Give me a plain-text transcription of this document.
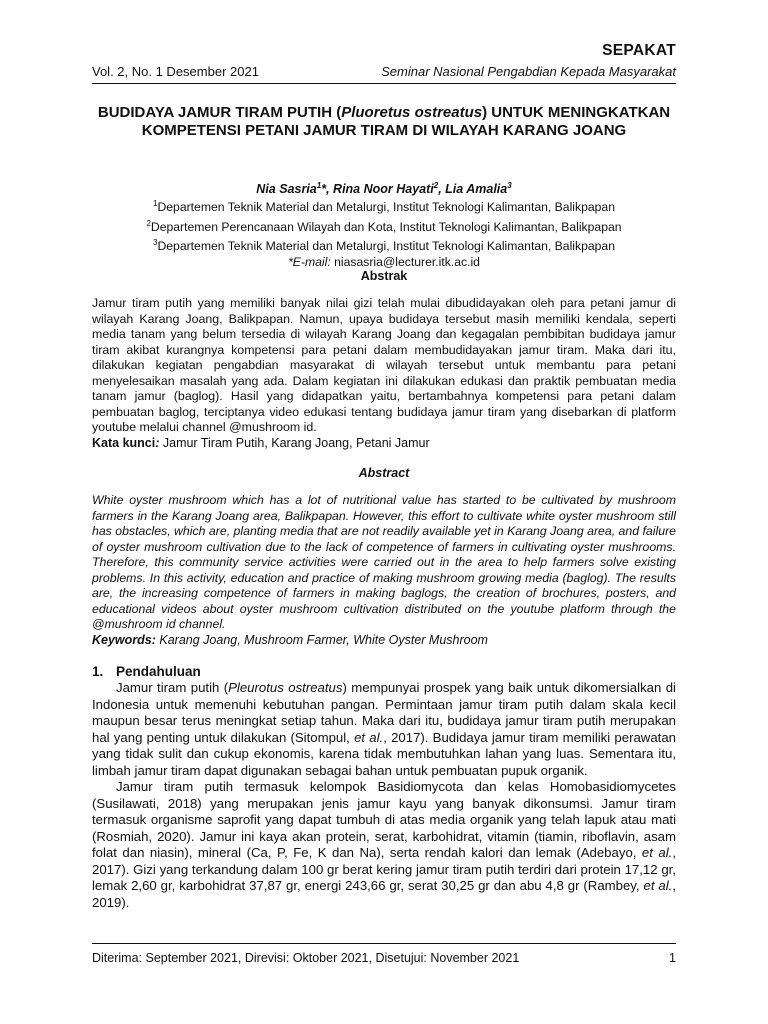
SEPAKAT
Vol. 2, No. 1 Desember 2021	Seminar Nasional Pengabdian Kepada Masyarakat
BUDIDAYA JAMUR TIRAM PUTIH (Pluoretus ostreatus) UNTUK MENINGKATKAN KOMPETENSI PETANI JAMUR TIRAM DI WILAYAH KARANG JOANG
Nia Sasria$^1$*, Rina Noor Hayati$^2$, Lia Amalia$^3$
$^1$Departemen Teknik Material dan Metalurgi, Institut Teknologi Kalimantan, Balikpapan
$^2$Departemen Perencanaan Wilayah dan Kota, Institut Teknologi Kalimantan, Balikpapan
$^3$Departemen Teknik Material dan Metalurgi, Institut Teknologi Kalimantan, Balikpapan
*E-mail: niasasria@lecturer.itk.ac.id
Abstrak
Jamur tiram putih yang memiliki banyak nilai gizi telah mulai dibudidayakan oleh para petani jamur di wilayah Karang Joang, Balikpapan. Namun, upaya budidaya tersebut masih memiliki kendala, seperti media tanam yang belum tersedia di wilayah Karang Joang dan kegagalan pembibitan budidaya jamur tiram akibat kurangnya kompetensi para petani dalam membudidayakan jamur tiram. Maka dari itu, dilakukan kegiatan pengabdian masyarakat di wilayah tersebut untuk membantu para petani menyelesaikan masalah yang ada. Dalam kegiatan ini dilakukan edukasi dan praktik pembuatan media tanam jamur (baglog). Hasil yang didapatkan yaitu, bertambahnya kompetensi para petani dalam pembuatan baglog, terciptanya video edukasi tentang budidaya jamur tiram yang disebarkan di platform youtube melalui channel @mushroom id.
Kata kunci: Jamur Tiram Putih, Karang Joang, Petani Jamur
Abstract
White oyster mushroom which has a lot of nutritional value has started to be cultivated by mushroom farmers in the Karang Joang area, Balikpapan. However, this effort to cultivate white oyster mushroom still has obstacles, which are, planting media that are not readily available yet in Karang Joang area, and failure of oyster mushroom cultivation due to the lack of competence of farmers in cultivating oyster mushrooms. Therefore, this community service activities were carried out in the area to help farmers solve existing problems. In this activity, education and practice of making mushroom growing media (baglog). The results are, the increasing competence of farmers in making baglogs, the creation of brochures, posters, and educational videos about oyster mushroom cultivation distributed on the youtube platform through the @mushroom id channel.
Keywords: Karang Joang, Mushroom Farmer, White Oyster Mushroom
1. Pendahuluan

Jamur tiram putih (Pleurotus ostreatus) mempunyai prospek yang baik untuk dikomersialkan di Indonesia untuk memenuhi kebutuhan pangan. Permintaan jamur tiram putih dalam skala kecil maupun besar terus meningkat setiap tahun. Maka dari itu, budidaya jamur tiram putih merupakan hal yang penting untuk dilakukan (Sitompul, et al., 2017). Budidaya jamur tiram memiliki perawatan yang tidak sulit dan cukup ekonomis, karena tidak membutuhkan lahan yang luas. Sementara itu, limbah jamur tiram dapat digunakan sebagai bahan untuk pembuatan pupuk organik.

Jamur tiram putih termasuk kelompok Basidiomycota dan kelas Homobasidiomycetes (Susilawati, 2018) yang merupakan jenis jamur kayu yang banyak dikonsumsi. Jamur tiram termasuk organisme saprofit yang dapat tumbuh di atas media organik yang telah lapuk atau mati (Rosmiah, 2020). Jamur ini kaya akan protein, serat, karbohidrat, vitamin (tiamin, riboflavin, asam folat dan niasin), mineral (Ca, P, Fe, K dan Na), serta rendah kalori dan lemak (Adebayo, et al., 2017). Gizi yang terkandung dalam 100 gr berat kering jamur tiram putih terdiri dari protein 17,12 gr, lemak 2,60 gr, karbohidrat 37,87 gr, energi 243,66 gr, serat 30,25 gr dan abu 4,8 gr (Rambey, et al., 2019).

Diterima: September 2021, Direvisi: Oktober 2021, Disetujui: November 2021	1
